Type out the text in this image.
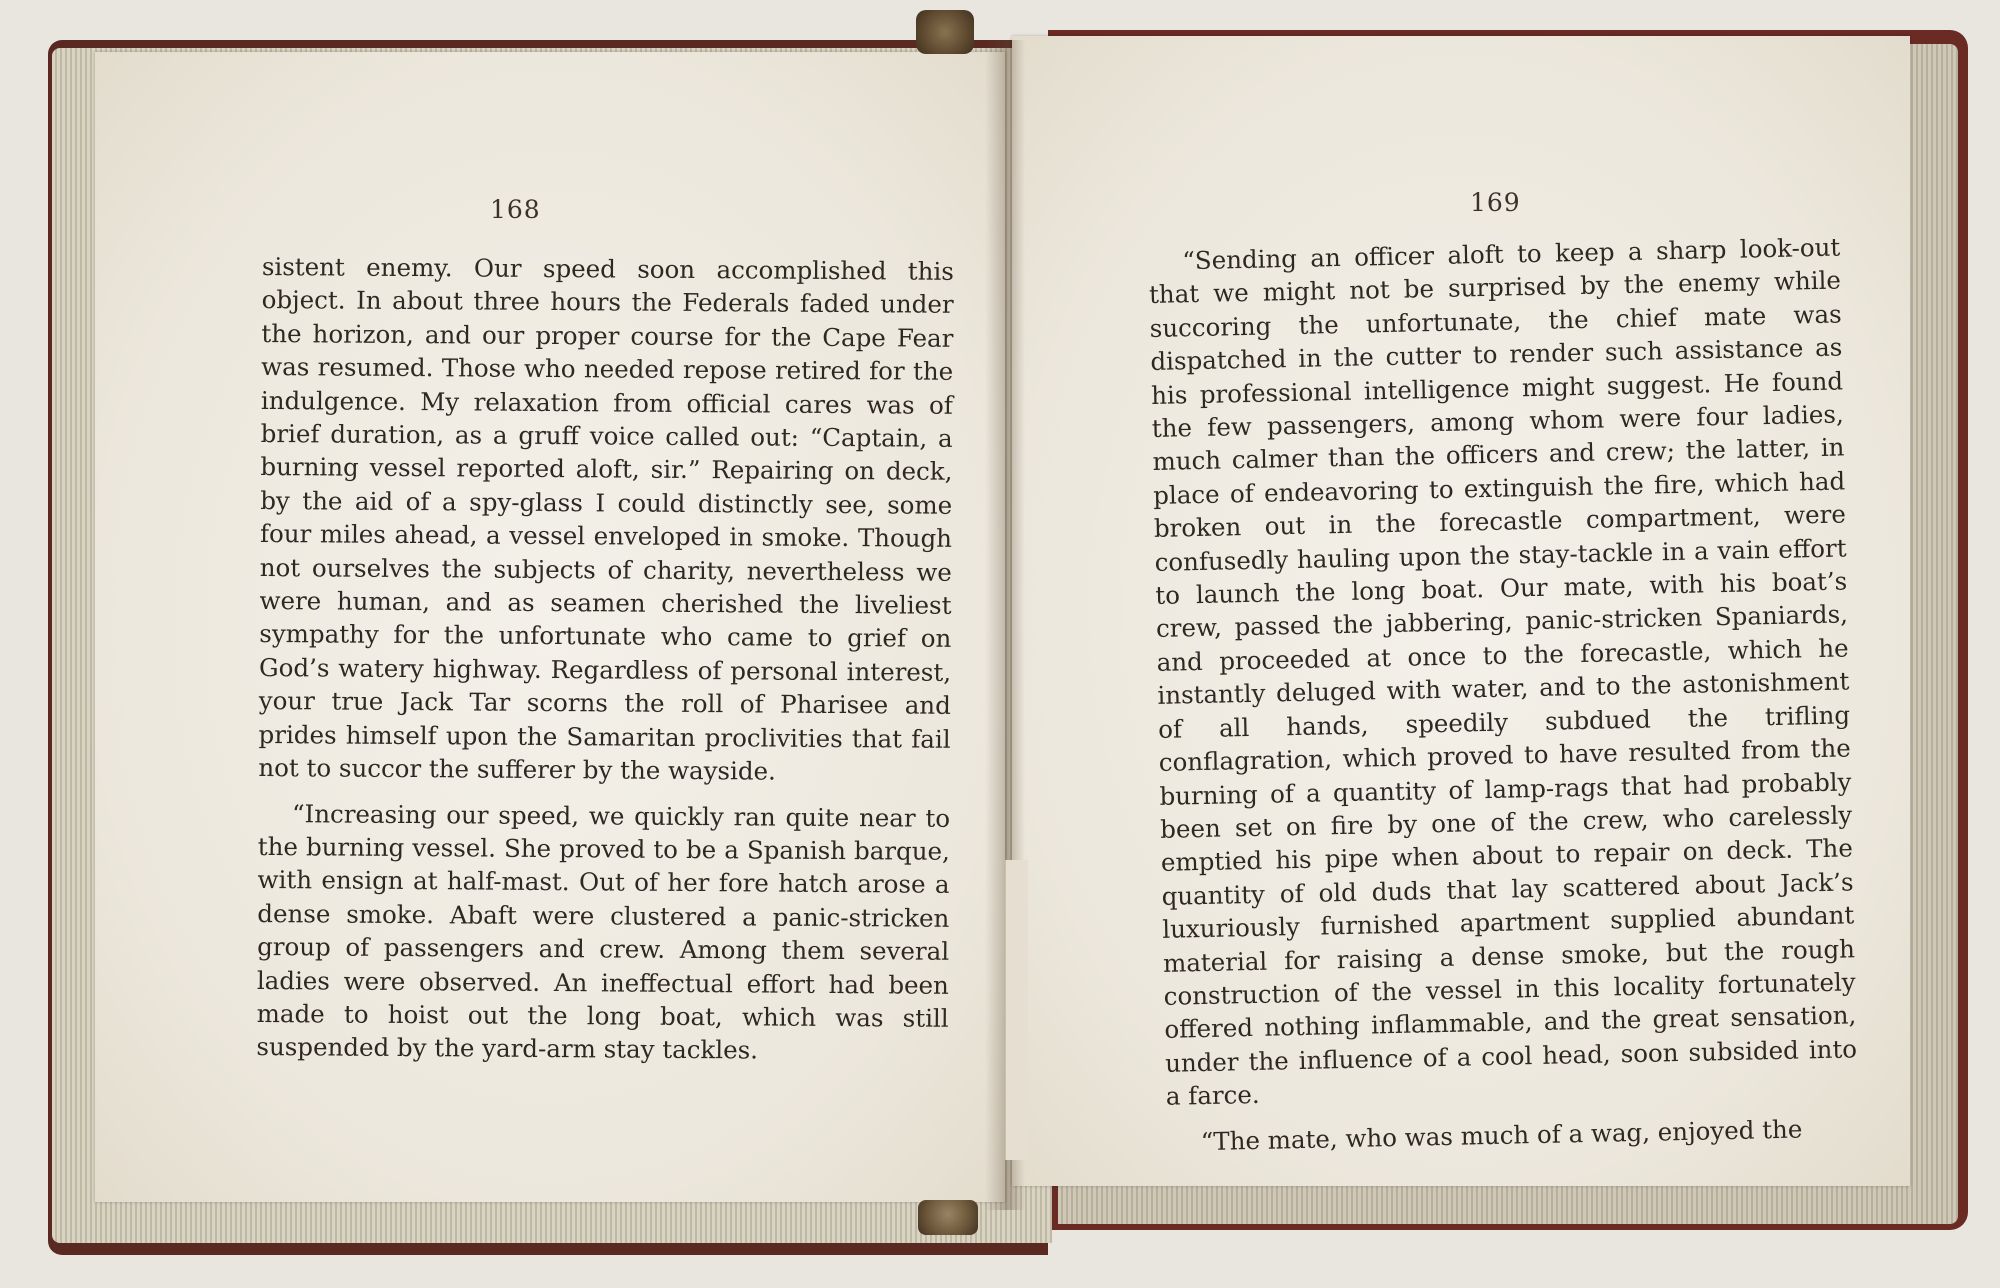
168	169

sistent enemy. Our speed soon accomplished this object. In about three hours the Federals faded under the horizon, and our proper course for the Cape Fear was resumed. Those who needed repose retired for the indulgence. My relaxation from official cares was of brief duration, as a gruff voice called out: “Captain, a burning vessel reported aloft, sir.” Repairing on deck, by the aid of a spy-glass I could distinctly see, some four miles ahead, a vessel enveloped in smoke. Though not ourselves the subjects of charity, nevertheless we were human, and as seamen cherished the liveliest sympathy for the unfortunate who came to grief on God’s watery highway. Regardless of personal interest, your true Jack Tar scorns the roll of Pharisee and prides himself upon the Samaritan proclivities that fail not to succor the sufferer by the wayside.

“Increasing our speed, we quickly ran quite near to the burning vessel. She proved to be a Spanish barque, with ensign at half-mast. Out of her fore hatch arose a dense smoke. Abaft were clustered a panic-stricken group of passengers and crew. Among them several ladies were observed. An ineffectual effort had been made to hoist out the long boat, which was still suspended by the yard-arm stay tackles.

“Sending an officer aloft to keep a sharp look-out that we might not be surprised by the enemy while succoring the unfortunate, the chief mate was dispatched in the cutter to render such assistance as his professional intelligence might suggest. He found the few passengers, among whom were four ladies, much calmer than the officers and crew; the latter, in place of endeavoring to extinguish the fire, which had broken out in the forecastle compartment, were confusedly hauling upon the stay-tackle in a vain effort to launch the long boat. Our mate, with his boat’s crew, passed the jabbering, panic-stricken Spaniards, and proceeded at once to the forecastle, which he instantly deluged with water, and to the astonishment of all hands, speedily subdued the trifling conflagration, which proved to have resulted from the burning of a quantity of lamp-rags that had probably been set on fire by one of the crew, who carelessly emptied his pipe when about to repair on deck. The quantity of old duds that lay scattered about Jack’s luxuriously furnished apartment supplied abundant material for raising a dense smoke, but the rough construction of the vessel in this locality fortunately offered nothing inflammable, and the great sensation, under the influence of a cool head, soon subsided into a farce.

“The mate, who was much of a wag, enjoyed the
